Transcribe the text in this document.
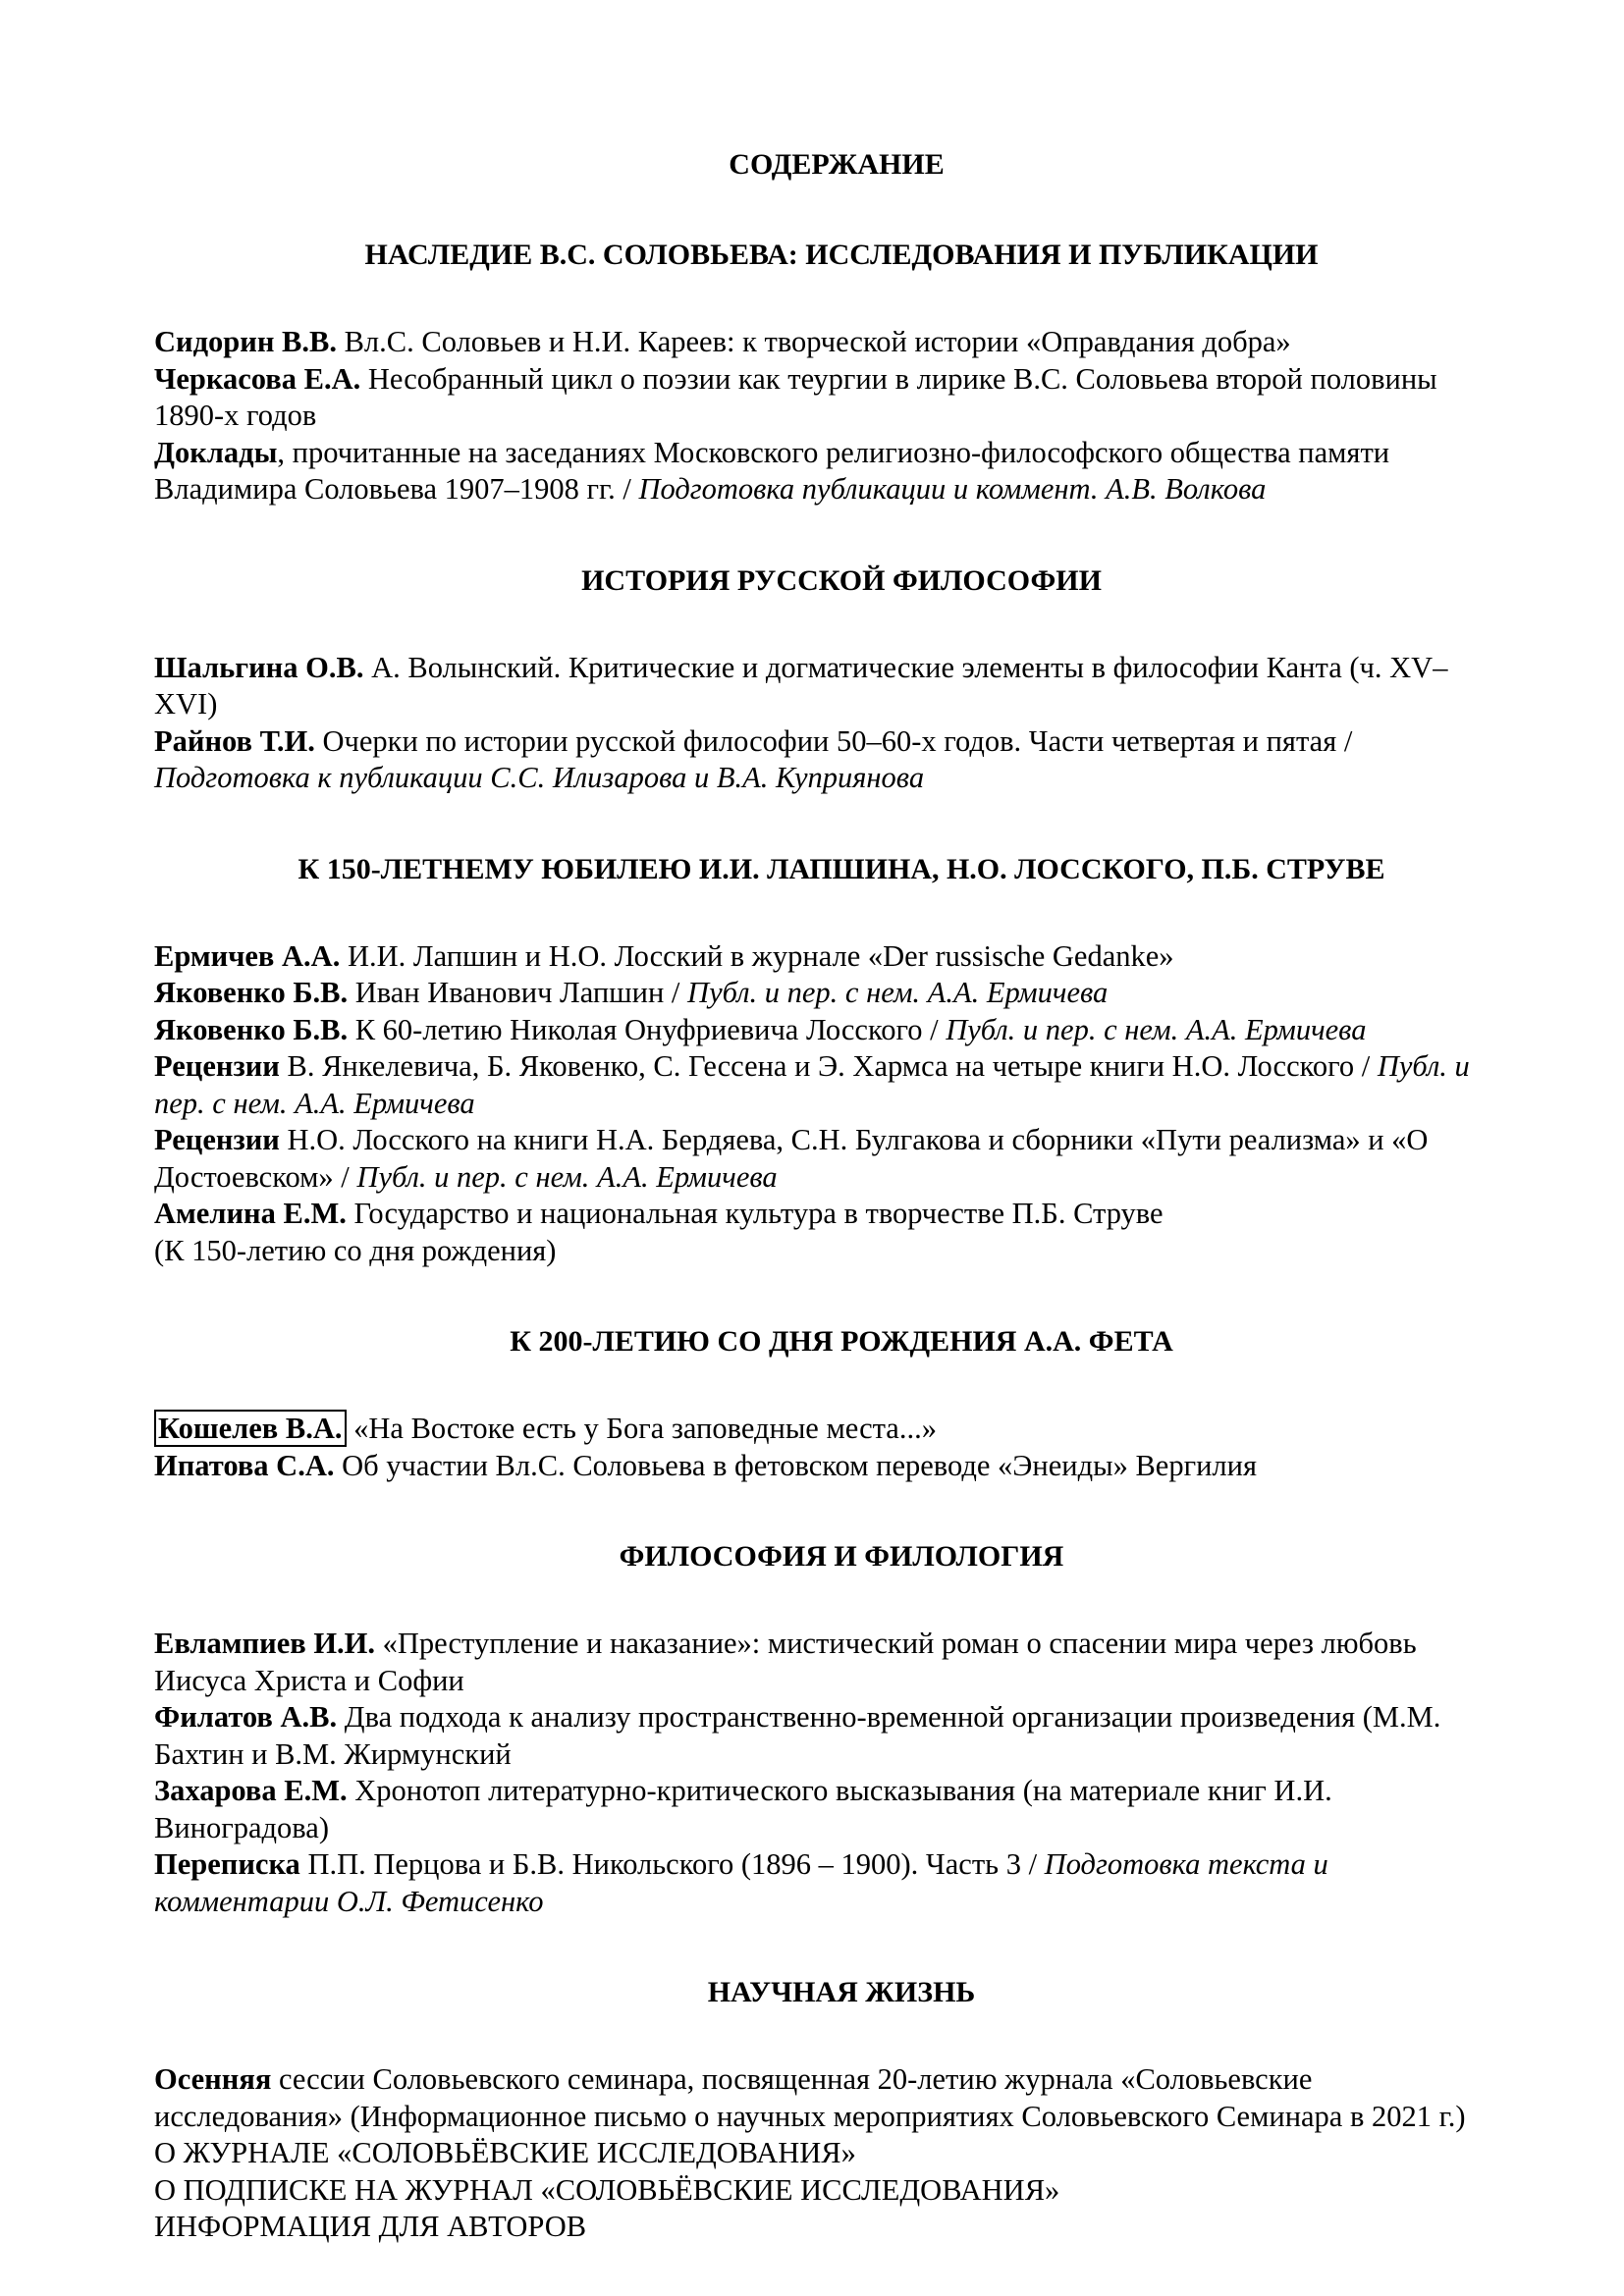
СОДЕРЖАНИЕ

НАСЛЕДИЕ В.С. СОЛОВЬЕВА: ИССЛЕДОВАНИЯ И ПУБЛИКАЦИИ

Сидорин В.В. Вл.С. Соловьев и Н.И. Кареев: к творческой истории «Оправдания добра»

Черкасова Е.А. Несобранный цикл о поэзии как теургии в лирике В.С. Соловьева второй половины 1890-х годов

Доклады, прочитанные на заседаниях Московского религиозно-философского общества памяти Владимира Соловьева 1907–1908 гг. / Подготовка публикации и коммент. А.В. Волкова

ИСТОРИЯ РУССКОЙ ФИЛОСОФИИ

Шальгина О.В. А. Волынский. Критические и догматические элементы в философии Канта (ч. XV–XVI)

Райнов Т.И. Очерки по истории русской философии 50–60-х годов. Части четвертая и пятая / Подготовка к публикации С.С. Илизарова и В.А. Куприянова

К 150-ЛЕТНЕМУ ЮБИЛЕЮ И.И. ЛАПШИНА, Н.О. ЛОССКОГО, П.Б. СТРУВЕ

Ермичев А.А. И.И. Лапшин и Н.О. Лосский в журнале «Der russische Gedanke»

Яковенко Б.В. Иван Иванович Лапшин / Публ. и пер. с нем. А.А. Ермичева

Яковенко Б.В. К 60-летию Николая Онуфриевича Лосского / Публ. и пер. с нем. А.А. Ермичева

Рецензии В. Янкелевича, Б. Яковенко, С. Гессена и Э. Хармса на четыре книги Н.О. Лосского / Публ. и пер. с нем. А.А. Ермичева

Рецензии Н.О. Лосского на книги Н.А. Бердяева, С.Н. Булгакова и сборники «Пути реализма» и «О Достоевском» / Публ. и пер. с нем. А.А. Ермичева

Амелина Е.М. Государство и национальная культура в творчестве П.Б. Струве

(К 150-летию со дня рождения)

К 200-ЛЕТИЮ СО ДНЯ РОЖДЕНИЯ А.А. ФЕТА

Кошелев В.А. «На Востоке есть у Бога заповедные места...»

Ипатова С.А. Об участии Вл.С. Соловьева в фетовском переводе «Энеиды» Вергилия

ФИЛОСОФИЯ И ФИЛОЛОГИЯ

Евлампиев И.И. «Преступление и наказание»: мистический роман о спасении мира через любовь Иисуса Христа и Софии

Филатов А.В. Два подхода к анализу пространственно-временной организации произведения (М.М. Бахтин и В.М. Жирмунский

Захарова Е.М. Хронотоп литературно-критического высказывания (на материале книг И.И. Виноградова)

Переписка П.П. Перцова и Б.В. Никольского (1896 – 1900). Часть 3 / Подготовка текста и комментарии О.Л. Фетисенко

НАУЧНАЯ ЖИЗНЬ

Осенняя сессии Соловьевского семинара, посвященная 20-летию журнала «Соловьевские исследования» (Информационное письмо о научных мероприятиях Соловьевского Семинара в 2021 г.)

О ЖУРНАЛЕ «СОЛОВЬЁВСКИЕ ИССЛЕДОВАНИЯ»

О ПОДПИСКЕ НА ЖУРНАЛ «СОЛОВЬЁВСКИЕ ИССЛЕДОВАНИЯ»

ИНФОРМАЦИЯ ДЛЯ АВТОРОВ
